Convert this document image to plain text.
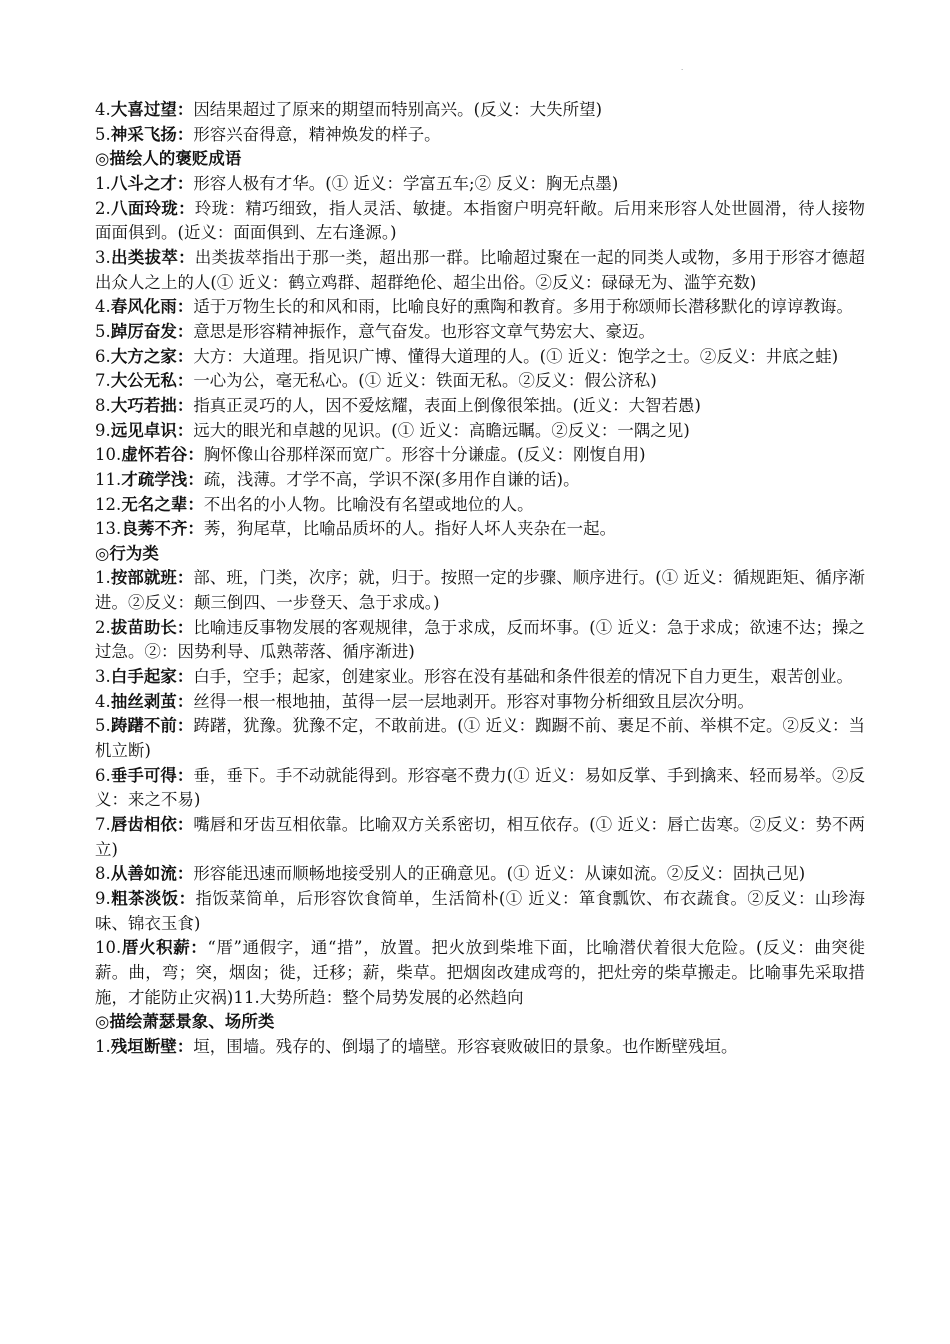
.

4.大喜过望：因结果超过了原来的期望而特别高兴。(反义：大失所望)

5.神采飞扬：形容兴奋得意，精神焕发的样子。

◎描绘人的褒贬成语

1.八斗之才：形容人极有才华。(① 近义：学富五车;② 反义：胸无点墨)

2.八面玲珑：玲珑：精巧细致，指人灵活、敏捷。本指窗户明亮轩敞。后用来形容人处世圆滑，待人接物面面俱到。(近义：面面俱到、左右逢源。)

3.出类拔萃：出类拔萃指出于那一类，超出那一群。比喻超过聚在一起的同类人或物，多用于形容才德超出众人之上的人(① 近义：鹤立鸡群、超群绝伦、超尘出俗。②反义：碌碌无为、滥竽充数)

4.春风化雨：适于万物生长的和风和雨，比喻良好的熏陶和教育。多用于称颂师长潜移默化的谆谆教诲。

5.踔厉奋发：意思是形容精神振作，意气奋发。也形容文章气势宏大、豪迈。

6.大方之家：大方：大道理。指见识广博、懂得大道理的人。(① 近义：饱学之士。②反义：井底之蛙)

7.大公无私：一心为公，毫无私心。(① 近义：铁面无私。②反义：假公济私)

8.大巧若拙：指真正灵巧的人，因不爱炫耀，表面上倒像很笨拙。(近义：大智若愚)

9.远见卓识：远大的眼光和卓越的见识。(① 近义：高瞻远瞩。②反义：一隅之见)

10.虚怀若谷：胸怀像山谷那样深而宽广。形容十分谦虚。(反义：刚愎自用)

11.才疏学浅：疏，浅薄。才学不高，学识不深(多用作自谦的话)。

12.无名之辈：不出名的小人物。比喻没有名望或地位的人。

13.良莠不齐：莠，狗尾草，比喻品质坏的人。指好人坏人夹杂在一起。

◎行为类

1.按部就班：部、班，门类，次序；就，归于。按照一定的步骤、顺序进行。(① 近义：循规距矩、循序渐进。②反义：颠三倒四、一步登天、急于求成。)

2.拔苗助长：比喻违反事物发展的客观规律，急于求成，反而坏事。(① 近义：急于求成；欲速不达；操之过急。②：因势利导、瓜熟蒂落、循序渐进)

3.白手起家：白手，空手；起家，创建家业。形容在没有基础和条件很差的情况下自力更生，艰苦创业。

4.抽丝剥茧：丝得一根一根地抽，茧得一层一层地剥开。形容对事物分析细致且层次分明。

5.踌躇不前：踌躇，犹豫。犹豫不定，不敢前进。(① 近义：踟蹰不前、裹足不前、举棋不定。②反义：当机立断)

6.垂手可得：垂，垂下。手不动就能得到。形容毫不费力(① 近义：易如反掌、手到擒来、轻而易举。②反义：来之不易)

7.唇齿相依：嘴唇和牙齿互相依靠。比喻双方关系密切，相互依存。(① 近义：唇亡齿寒。②反义：势不两立)

8.从善如流：形容能迅速而顺畅地接受别人的正确意见。(① 近义：从谏如流。②反义：固执己见)

9.粗茶淡饭：指饭菜简单，后形容饮食简单，生活简朴(① 近义：箪食瓢饮、布衣蔬食。②反义：山珍海味、锦衣玉食)

10.厝火积薪：“厝”通假字，通“措”，放置。把火放到柴堆下面，比喻潜伏着很大危险。(反义：曲突徙薪。曲，弯；突，烟囱；徙，迁移；薪，柴草。把烟囱改建成弯的，把灶旁的柴草搬走。比喻事先采取措施，才能防止灾祸)11.大势所趋：整个局势发展的必然趋向

◎描绘萧瑟景象、场所类

1.残垣断壁：垣，围墙。残存的、倒塌了的墙壁。形容衰败破旧的景象。也作断壁残垣。
